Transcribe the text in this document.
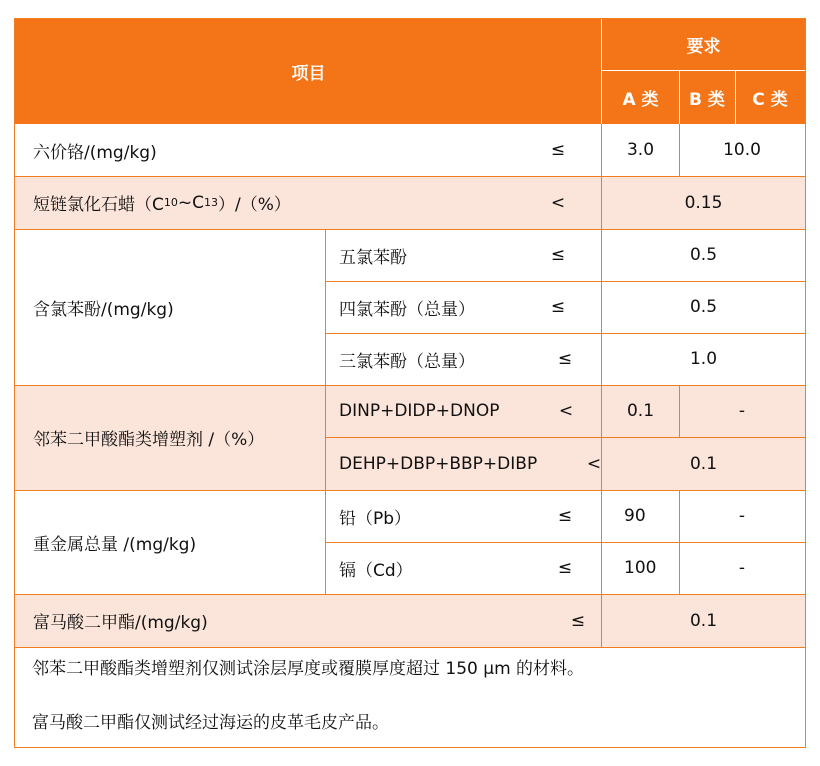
项目
要求
A 类	B 类	C 类
六价铬/(mg/kg)	≤	3.0	10.0
短链氯化石蜡（C 10 ~C 13 ）/（%）	<	0.15
含氯苯酚/(mg/kg)
五氯苯酚	≤	0.5
四氯苯酚（总量）	≤	0.5
三氯苯酚（总量）	≤	1.0
邻苯二甲酸酯类增塑剂 /（%）
DINP+DIDP+DNOP	<	0.1	-
DEHP+DBP+BBP+DIBP	<	0.1
重金属总量 /(mg/kg)
铅（Pb）	≤	90	-
镉（Cd）	≤	100	-
富马酸二甲酯/(mg/kg)	≤	0.1
邻苯二甲酸酯类增塑剂仅测试涂层厚度或覆膜厚度超过 150 μm 的材料。
富马酸二甲酯仅测试经过海运的皮革毛皮产品。
